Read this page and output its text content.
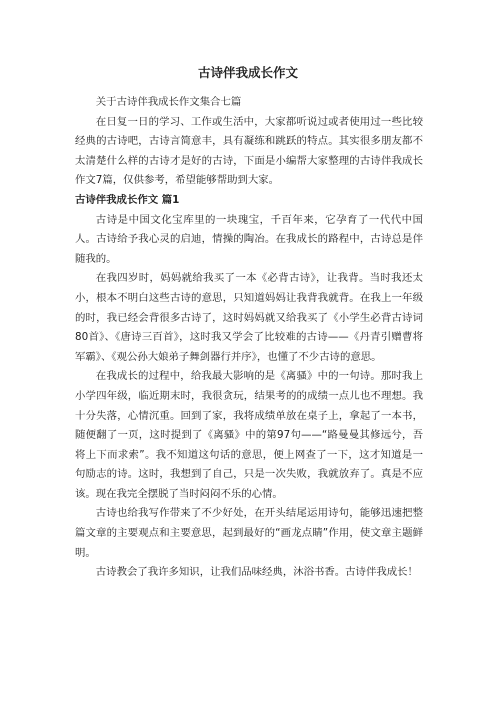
古诗伴我成长作文

关于古诗伴我成长作文集合七篇

在日复一日的学习、工作或生活中，大家都听说过或者使用过一些比较经典的古诗吧，古诗言简意丰，具有凝练和跳跃的特点。其实很多朋友都不太清楚什么样的古诗才是好的古诗，下面是小编帮大家整理的古诗伴我成长作文7篇，仅供参考，希望能够帮助到大家。

古诗伴我成长作文 篇1

古诗是中国文化宝库里的一块瑰宝，千百年来，它孕育了一代代中国人。古诗给予我心灵的启迪，情操的陶冶。在我成长的路程中，古诗总是伴随我的。

在我四岁时，妈妈就给我买了一本《必背古诗》，让我背。当时我还太小，根本不明白这些古诗的意思，只知道妈妈让我背我就背。在我上一年级的时，我已经会背很多古诗了，这时妈妈就又给我买了《小学生必背古诗词80首》、《唐诗三百首》，这时我又学会了比较难的古诗——《丹青引赠曹将军霸》、《观公孙大娘弟子舞剑器行并序》，也懂了不少古诗的意思。

在我成长的过程中，给我最大影响的是《离骚》中的一句诗。那时我上小学四年级，临近期末时，我很贪玩，结果考的的成绩一点儿也不理想。我十分失落，心情沉重。回到了家，我将成绩单放在桌子上，拿起了一本书，随便翻了一页，这时提到了《离骚》中的第97句——“路曼曼其修远兮，吾将上下而求索”。我不知道这句话的意思，便上网查了一下，这才知道是一句励志的诗。这时，我想到了自己，只是一次失败，我就放弃了。真是不应该。现在我完全摆脱了当时闷闷不乐的心情。

古诗也给我写作带来了不少好处，在开头结尾运用诗句，能够迅速把整篇文章的主要观点和主要意思，起到最好的“画龙点睛”作用，使文章主题鲜明。

古诗教会了我许多知识，让我们品味经典，沐浴书香。古诗伴我成长！
